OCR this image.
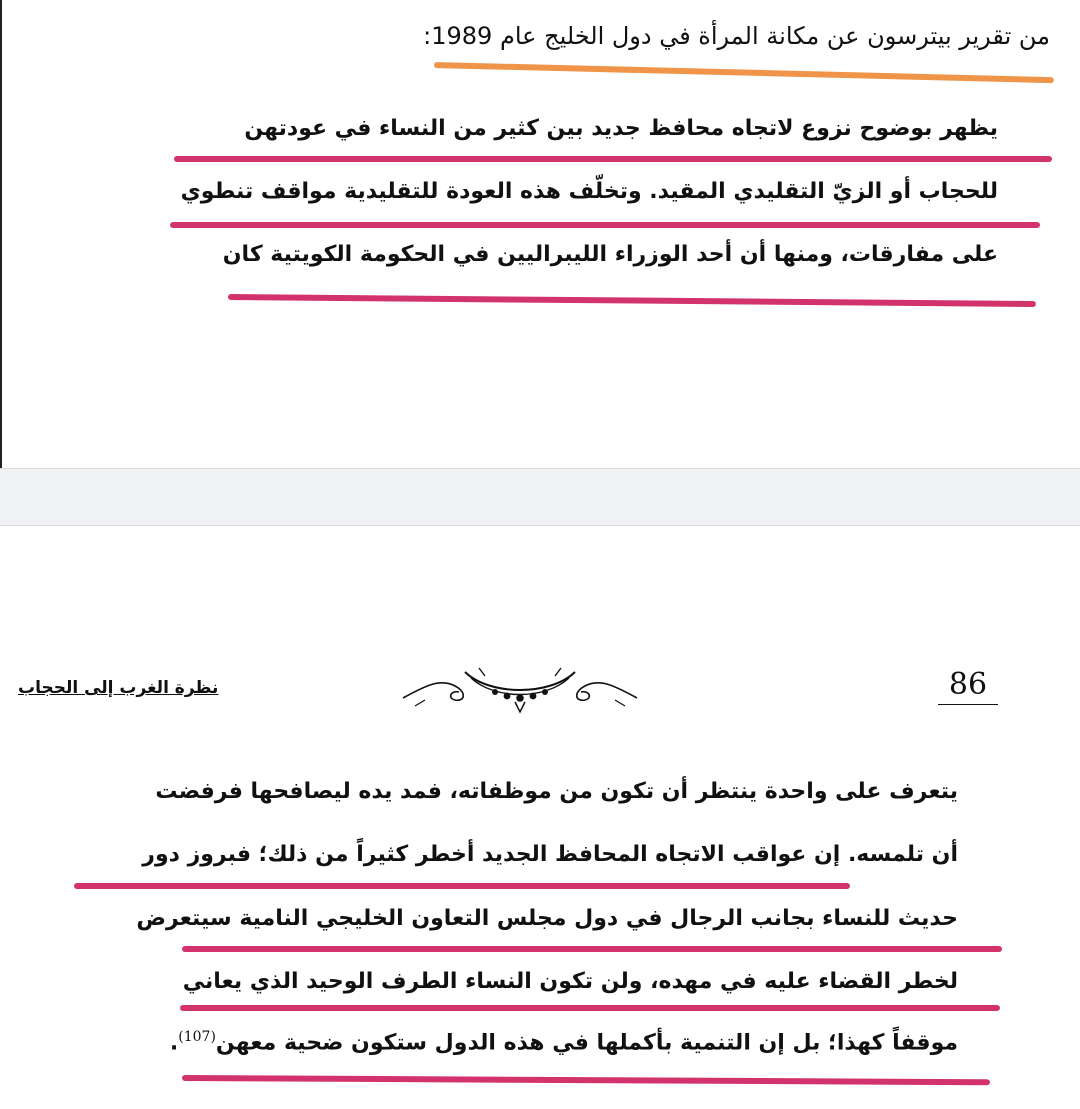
من تقرير بيترسون عن مكانة المرأة في دول الخليج عام 1989:
يظهر بوضوح نزوع لاتجاه محافظ جديد بين كثير من النساء في عودتهن
للحجاب أو الزيّ التقليدي المقيد. وتخلّف هذه العودة للتقليدية مواقف تنطوي
على مفارقات، ومنها أن أحد الوزراء الليبراليين في الحكومة الكويتية كان
نظرة الغرب إلى الحجاب	86
يتعرف على واحدة ينتظر أن تكون من موظفاته، فمد يده ليصافحها فرفضت
أن تلمسه. إن عواقب الاتجاه المحافظ الجديد أخطر كثيراً من ذلك؛ فبروز دور
حديث للنساء بجانب الرجال في دول مجلس التعاون الخليجي النامية سيتعرض
لخطر القضاء عليه في مهده، ولن تكون النساء الطرف الوحيد الذي يعاني
موقفاً كهذا؛ بل إن التنمية بأكملها في هذه الدول ستكون ضحية معهن$^{(107)}$.
